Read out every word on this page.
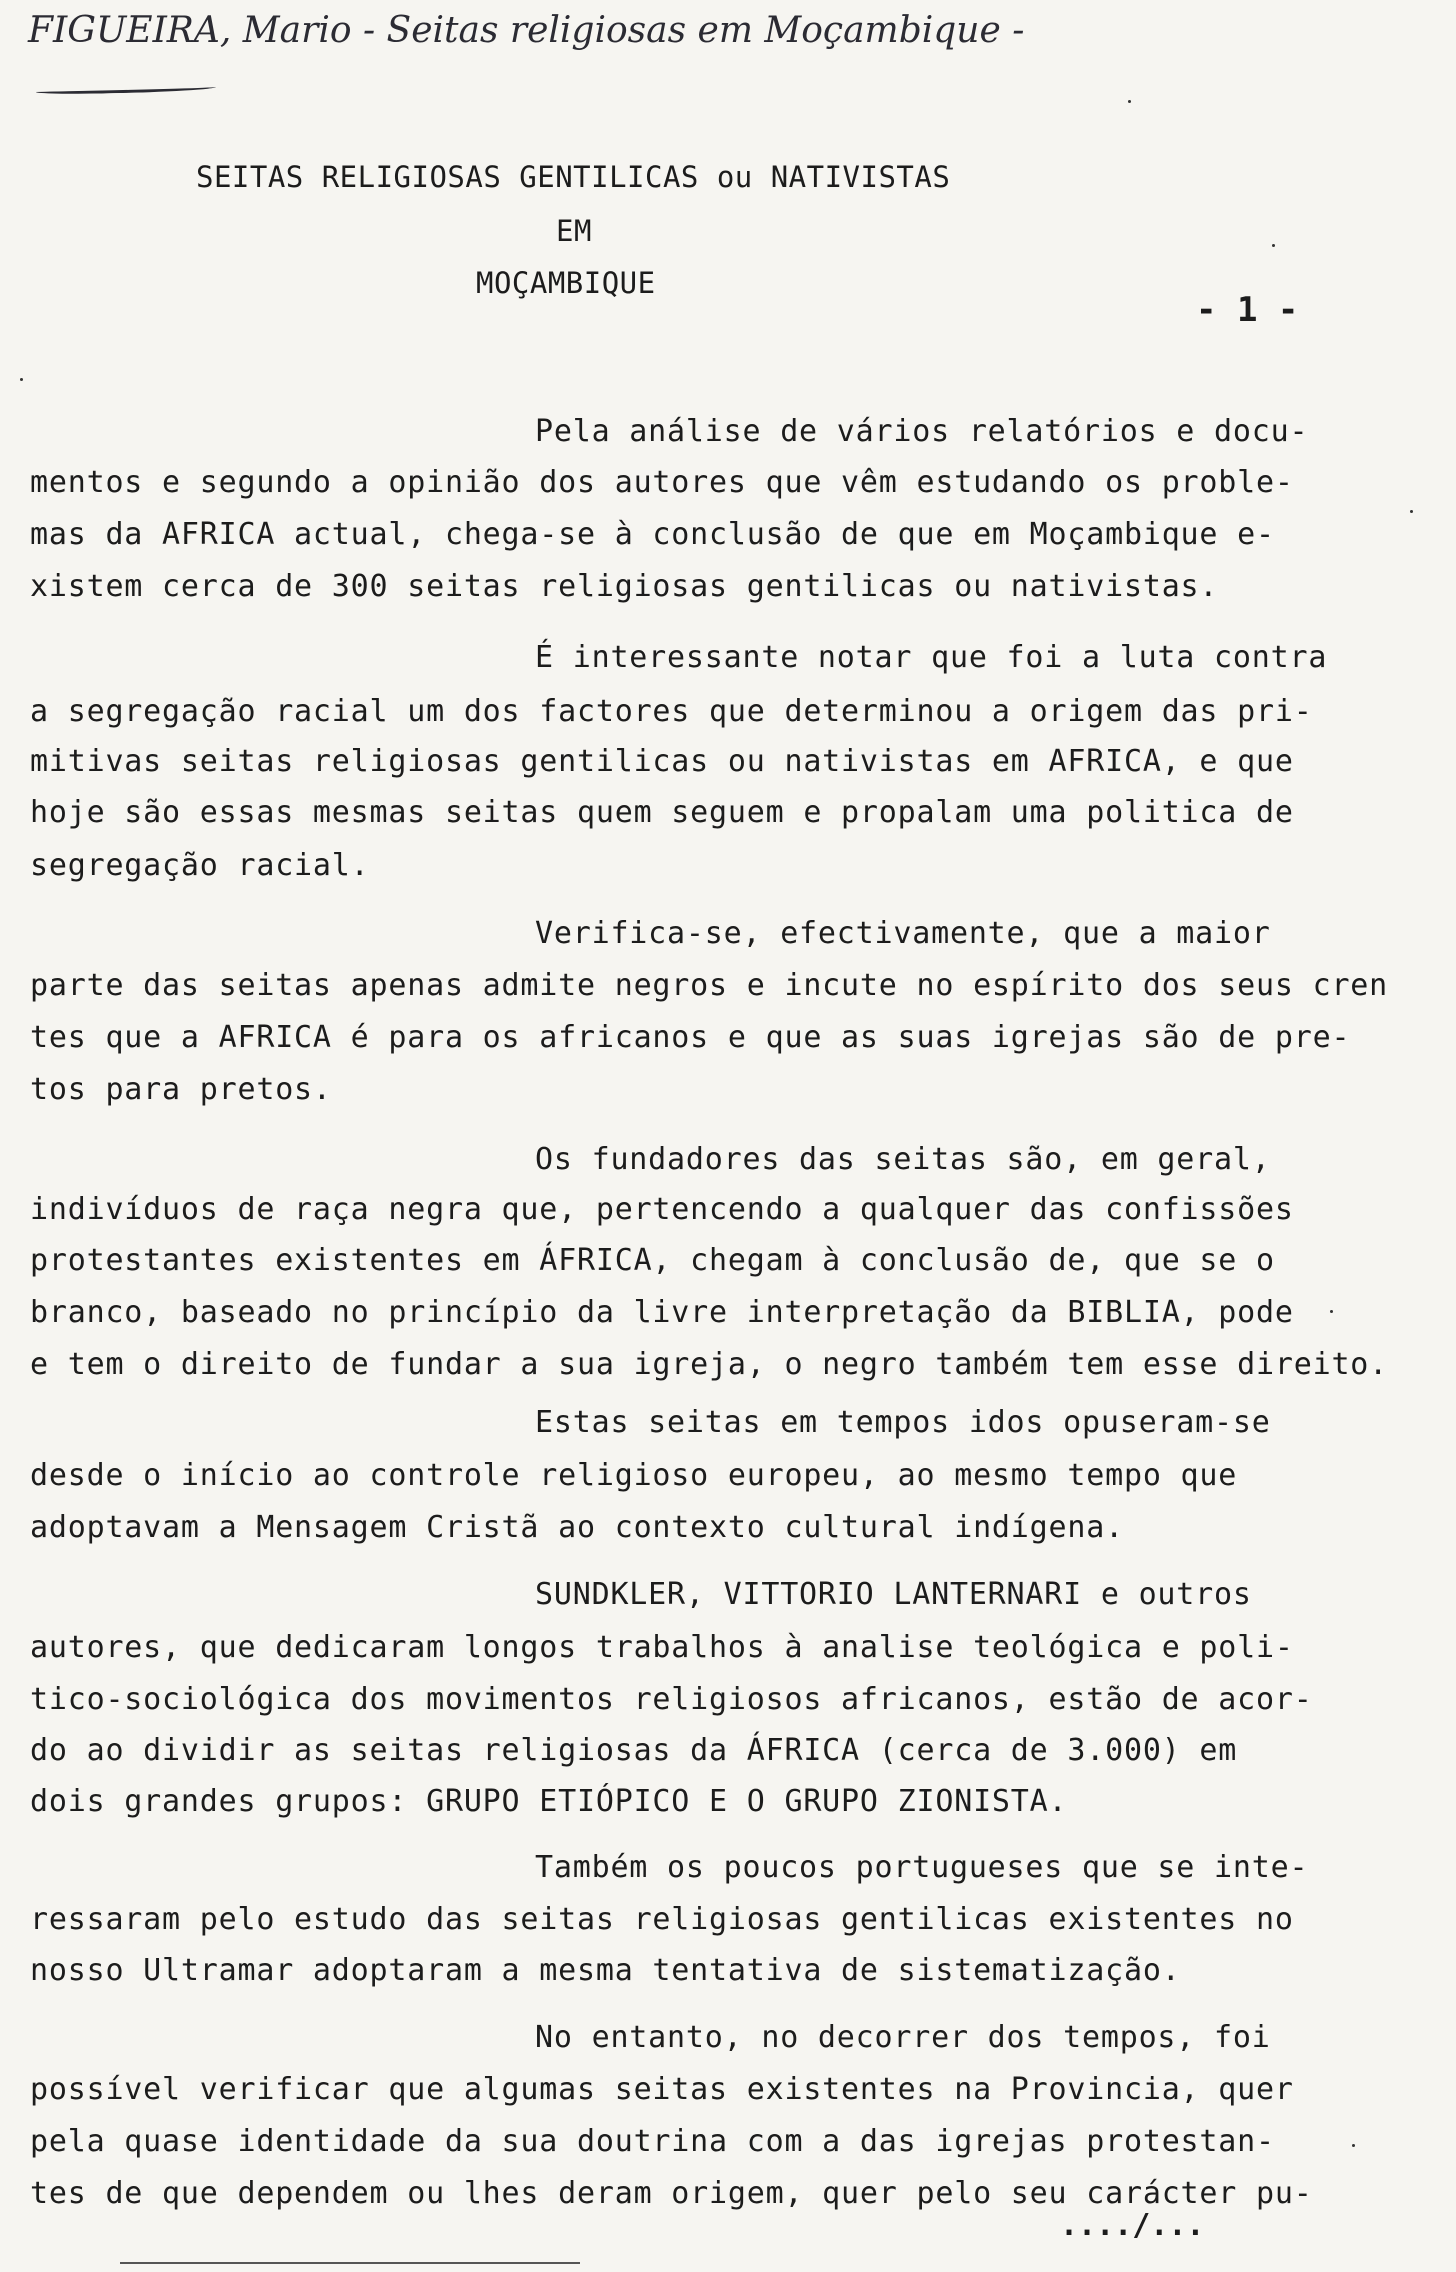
FIGUEIRA, Mario - Seitas religiosas em Moçambique -
SEITAS RELIGIOSAS GENTILICAS ou NATIVISTAS
EM
MOÇAMBIQUE
- 1 -
Pela análise de vários relatórios e docu-
mentos e segundo a opinião dos autores que vêm estudando os proble-
mas da AFRICA actual, chega-se à conclusão de que em Moçambique e-
xistem cerca de 300 seitas religiosas gentilicas ou nativistas.
É interessante notar que foi a luta contra
a segregação racial um dos factores que determinou a origem das pri-
mitivas seitas religiosas gentilicas ou nativistas em AFRICA, e que
hoje são essas mesmas seitas quem seguem e propalam uma politica de
segregação racial.
Verifica-se, efectivamente, que a maior
parte das seitas apenas admite negros e incute no espírito dos seus cren
tes que a AFRICA é para os africanos e que as suas igrejas são de pre-
tos para pretos.
Os fundadores das seitas são, em geral,
indivíduos de raça negra que, pertencendo a qualquer das confissões
protestantes existentes em ÁFRICA, chegam à conclusão de, que se o
branco, baseado no princípio da livre interpretação da BIBLIA, pode
e tem o direito de fundar a sua igreja, o negro também tem esse direito.
Estas seitas em tempos idos opuseram-se
desde o início ao controle religioso europeu, ao mesmo tempo que
adoptavam a Mensagem Cristã ao contexto cultural indígena.
SUNDKLER, VITTORIO LANTERNARI e outros
autores, que dedicaram longos trabalhos à analise teológica e poli-
tico-sociológica dos movimentos religiosos africanos, estão de acor-
do ao dividir as seitas religiosas da ÁFRICA (cerca de 3.000) em
dois grandes grupos: GRUPO ETIÓPICO E O GRUPO ZIONISTA.
Também os poucos portugueses que se inte-
ressaram pelo estudo das seitas religiosas gentilicas existentes no
nosso Ultramar adoptaram a mesma tentativa de sistematização.
No entanto, no decorrer dos tempos, foi
possível verificar que algumas seitas existentes na Provincia, quer
pela quase identidade da sua doutrina com a das igrejas protestan-
tes de que dependem ou lhes deram origem, quer pelo seu carácter pu-
..../...
